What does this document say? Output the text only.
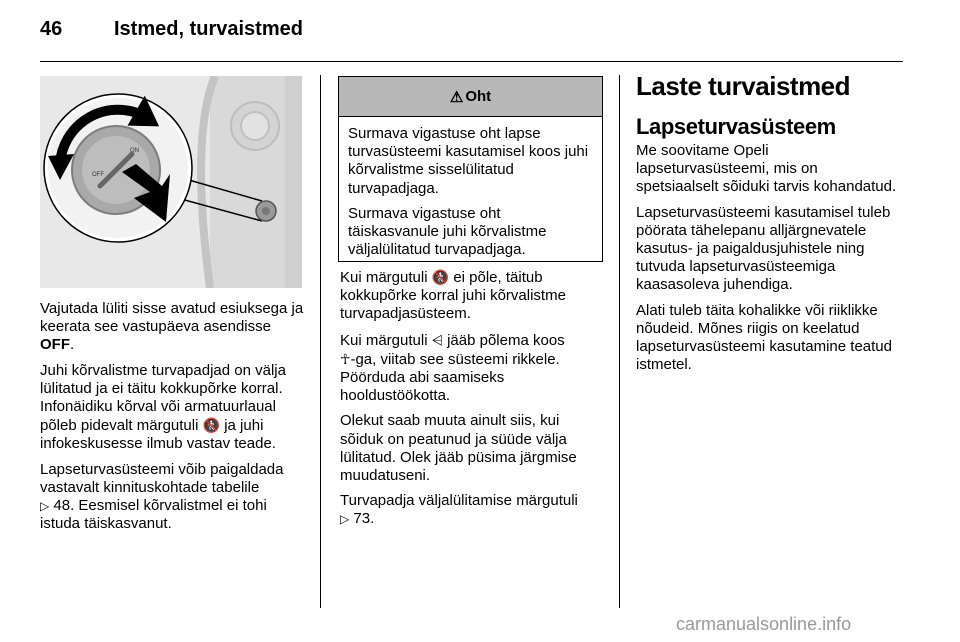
46	Istmed, turvaistmed
ON
OFF

Vajutada lüliti sisse avatud esiuksega ja keerata see vastupäeva asendisse OFF.

Juhi kõrvalistme turvapadjad on välja lülitatud ja ei täitu kokkupõrke korral. Infonäidiku kõrval või armatuurlaual põleb pidevalt märgutuli 🚷 ja juhi infokeskusesse ilmub vastav teade.

Lapseturvasüsteemi võib paigaldada vastavalt kinnituskohtade tabelile
▷ 48. Eesmisel kõrvalistmel ei tohi istuda täiskasvanut.

⚠ Oht

Surmava vigastuse oht lapse turvasüsteemi kasutamisel koos juhi kõrvalistme sisselülitatud turvapadjaga.

Surmava vigastuse oht täiskasvanule juhi kõrvalistme väljalülitatud turvapadjaga.

Kui märgutuli 🚷 ei põle, täitub kokkupõrke korral juhi kõrvalistme turvapadjasüsteem.

Kui märgutuli ⩤ jääb põlema koos
☥-ga, viitab see süsteemi rikkele. Pöörduda abi saamiseks hooldustöökotta.

Olekut saab muuta ainult siis, kui sõiduk on peatunud ja süüde välja lülitatud. Olek jääb püsima järgmise muudatuseni.

Turvapadja väljalülitamise märgutuli
▷ 73.

Laste turvaistmed
Lapseturvasüsteem

Me soovitame Opeli lapseturvasüsteemi, mis on spetsiaalselt sõiduki tarvis kohandatud.

Lapseturvasüsteemi kasutamisel tuleb pöörata tähelepanu alljärgnevatele kasutus- ja paigaldusjuhistele ning tutvuda lapseturvasüsteemiga kaasasoleva juhendiga.

Alati tuleb täita kohalikke või riiklikke nõudeid. Mõnes riigis on keelatud lapseturvasüsteemi kasutamine teatud istmetel.

carmanualsonline.info
